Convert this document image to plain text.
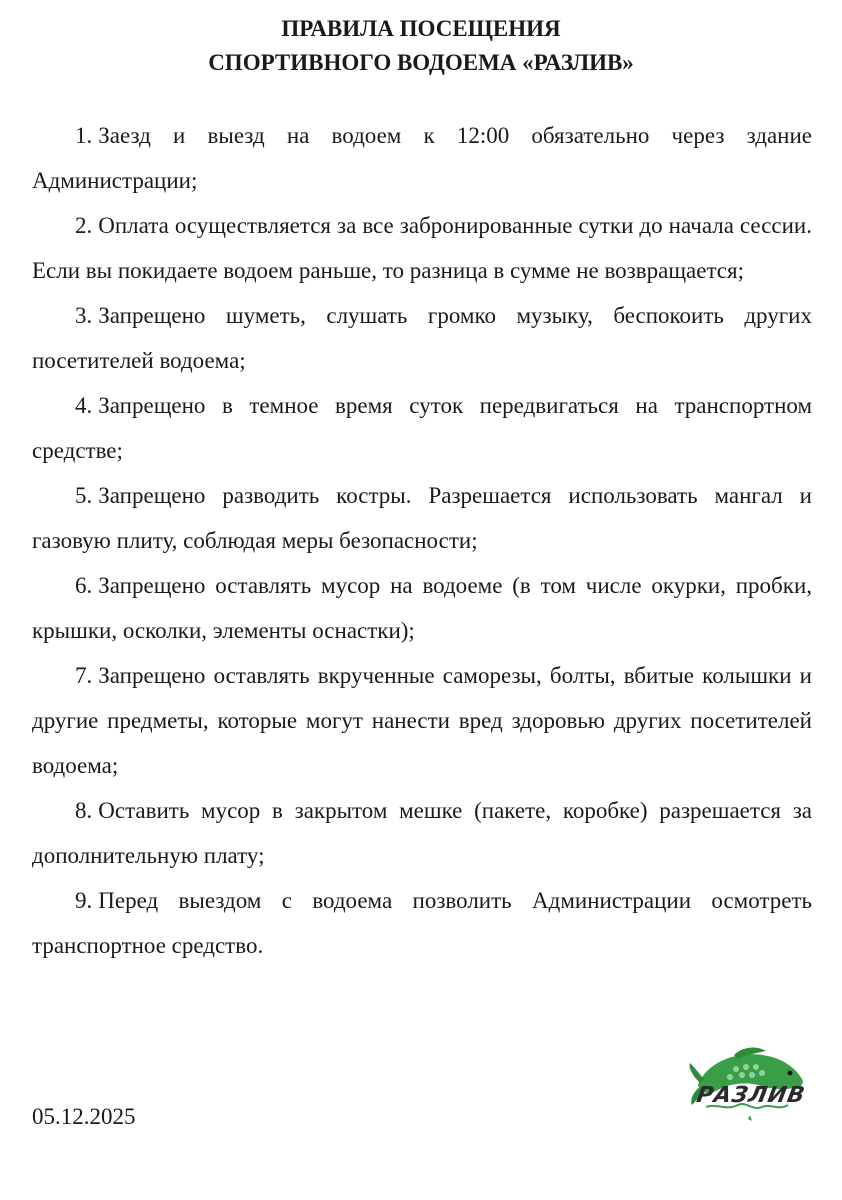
ПРАВИЛА ПОСЕЩЕНИЯ
СПОРТИВНОГО ВОДОЕМА «РАЗЛИВ»
1. Заезд и выезд на водоем к 12:00 обязательно через здание Администрации;
2. Оплата осуществляется за все забронированные сутки до начала сессии. Если вы покидаете водоем раньше, то разница в сумме не возвращается;
3. Запрещено шуметь, слушать громко музыку, беспокоить других посетителей водоема;
4. Запрещено в темное время суток передвигаться на транспортном средстве;
5. Запрещено разводить костры. Разрешается использовать мангал и газовую плиту, соблюдая меры безопасности;
6. Запрещено оставлять мусор на водоеме (в том числе окурки, пробки, крышки, осколки, элементы оснастки);
7. Запрещено оставлять вкрученные саморезы, болты, вбитые колышки и другие предметы, которые могут нанести вред здоровью других посетителей водоема;
8. Оставить мусор в закрытом мешке (пакете, коробке) разрешается за дополнительную плату;
9. Перед выездом с водоема позволить Администрации осмотреть транспортное средство.
05.12.2025
РАЗЛИВ
